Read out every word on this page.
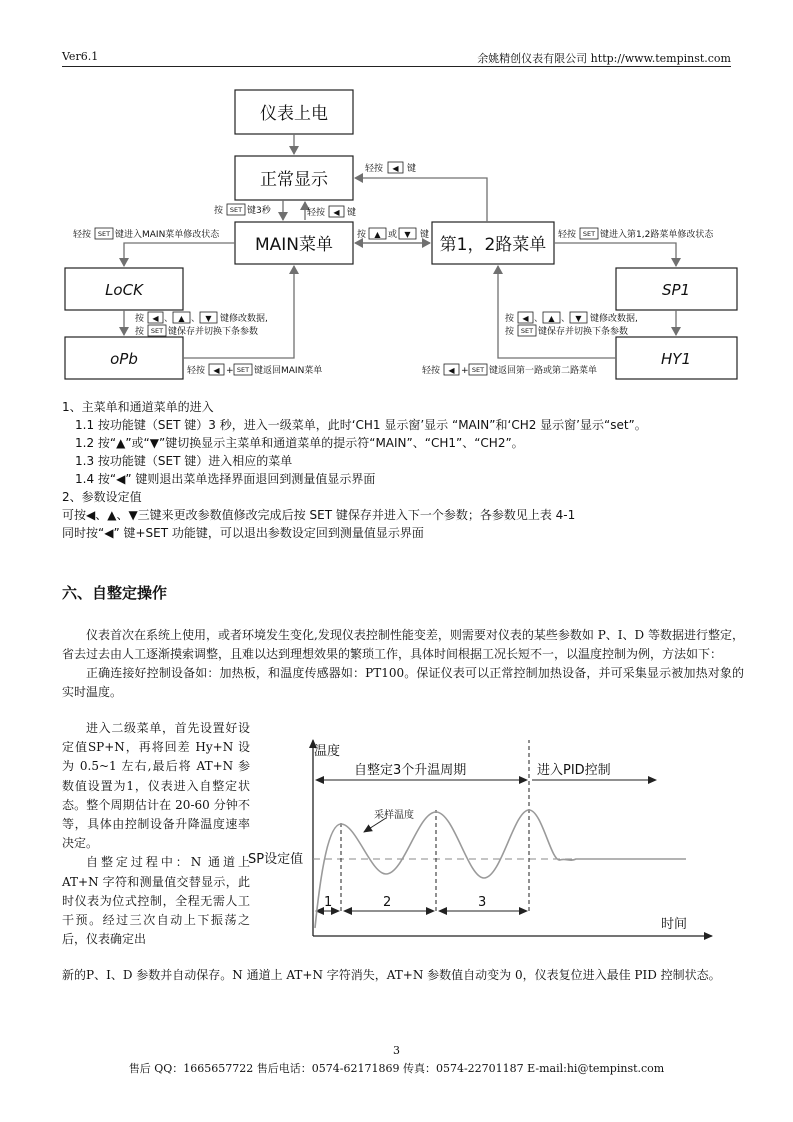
Ver6.1	余姚精创仪表有限公司 http://www.tempinst.com
仪表上电
正常显示
MAIN菜单	第1，2路菜单
LoCK
oPb
SP1
HY1
轻按 ◀ 键
按 SET 键3秒	轻按 ◀ 键
按 ▲ 或 ▼ 键
轻按 SET 键进入MAIN菜单修改状态	轻按 SET 键进入第1,2路菜单修改状态
按 ◀ 、 ▲ 、 ▼ 键修改数据,
按 SET 键保存并切换下条参数
按 ◀ 、 ▲ 、 ▼ 键修改数据,
按 SET 键保存并切换下条参数
轻按 ◀ + SET 键返回MAIN菜单	轻按 ◀ + SET 键返回第一路或第二路菜单

1、主菜单和通道菜单的进入

1.1 按功能键（SET 键）3 秒，进入一级菜单，此时‘CH1 显示窗’显示 “MAIN”和‘CH2 显示窗’显示“set”。

1.2 按“▲”或“▼”键切换显示主菜单和通道菜单的提示符“MAIN”、“CH1”、“CH2”。

1.3 按功能键（SET 键）进入相应的菜单

1.4 按“◀” 键则退出菜单选择界面退回到测量值显示界面

2、参数设定值

可按◀、▲、▼三键来更改参数值修改完成后按 SET 键保存并进入下一个参数；各参数见上表 4-1

同时按“◀” 键+SET 功能键，可以退出参数设定回到测量值显示界面

六、自整定操作

仪表首次在系统上使用，或者环境发生变化,发现仪表控制性能变差，则需要对仪表的某些参数如 P、I、D 等数据进行整定，省去过去由人工逐渐摸索调整，且难以达到理想效果的繁琐工作，具体时间根据工况长短不一，以温度控制为例，方法如下：

正确连接好控制设备如：加热板，和温度传感器如：PT100。保证仪表可以正常控制加热设备，并可采集显示被加热对象的实时温度。

进入二级菜单，首先设置好设定值SP+N，再将回差 Hy+N 设为 0.5~1 左右,最后将 AT+N 参数值设置为1，仪表进入自整定状态。整个周期估计在 20-60 分钟不等，具体由控制设备升降温度速率决定。

自整定过程中：N 通道上 AT+N 字符和测量值交替显示，此时仪表为位式控制，全程无需人工干预。经过三次自动上下振荡之后，仪表确定出

温度
时间
SP设定值
自整定3个升温周期	进入PID控制
1	2	3
采样温度

新的P、I、D 参数并自动保存。N 通道上 AT+N 字符消失，AT+N 参数值自动变为 0，仪表复位进入最佳 PID 控制状态。

3
售后 QQ：1665657722 售后电话：0574-62171869 传真：0574-22701187 E-mail:hi@tempinst.com
